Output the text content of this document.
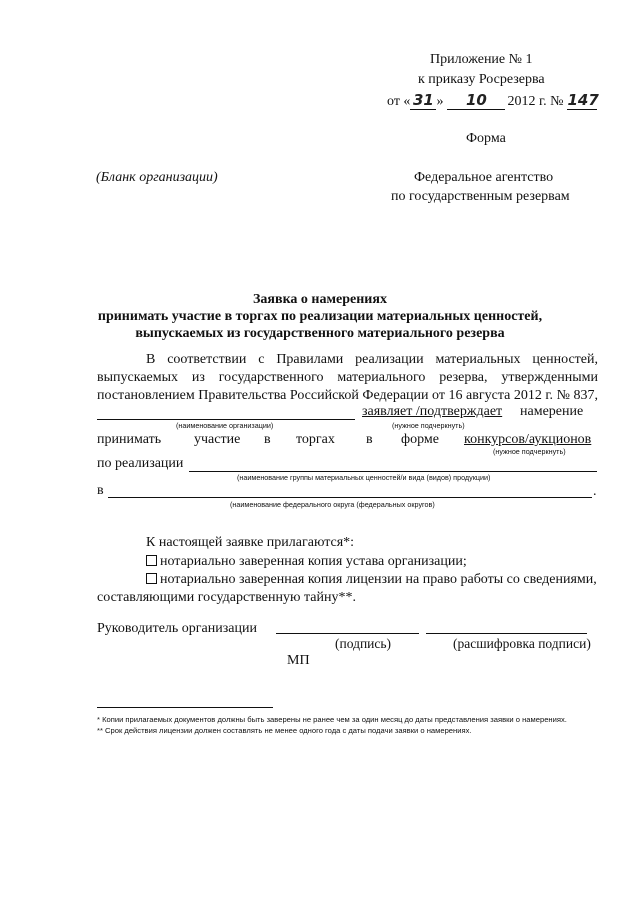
Приложение № 1
к приказу Росрезерва
от « 31 » 10 2012 г. № 147
Форма
(Бланк организации)	Федеральное агентство
по государственным резервам
Заявка о намерениях
принимать участие в торгах по реализации материальных ценностей,
выпускаемых из государственного материального резерва
В соответствии с Правилами реализации материальных ценностей,
выпускаемых из государственного материального резерва, утвержденными
постановлением Правительства Российской Федерации от 16 августа 2012 г. № 837,
заявляет /подтверждает намерение
(наименование организации)	(нужное подчеркнуть)
принимать участие в торгах в форме конкурсов/аукционов
(нужное подчеркнуть)
по реализации
(наименование группы материальных ценностей/и вида (видов) продукции)
в	.
(наименование федерального округа (федеральных округов)
К настоящей заявке прилагаются*:
нотариально заверенная копия устава организации;
нотариально заверенная копия лицензии на право работы со сведениями,
составляющими государственную тайну**.
Руководитель организации
(подпись)	(расшифровка подписи)
МП
* Копии прилагаемых документов должны быть заверены не ранее чем за один месяц до даты представления заявки о намерениях.
** Срок действия лицензии должен составлять не менее одного года с даты подачи заявки о намерениях.
